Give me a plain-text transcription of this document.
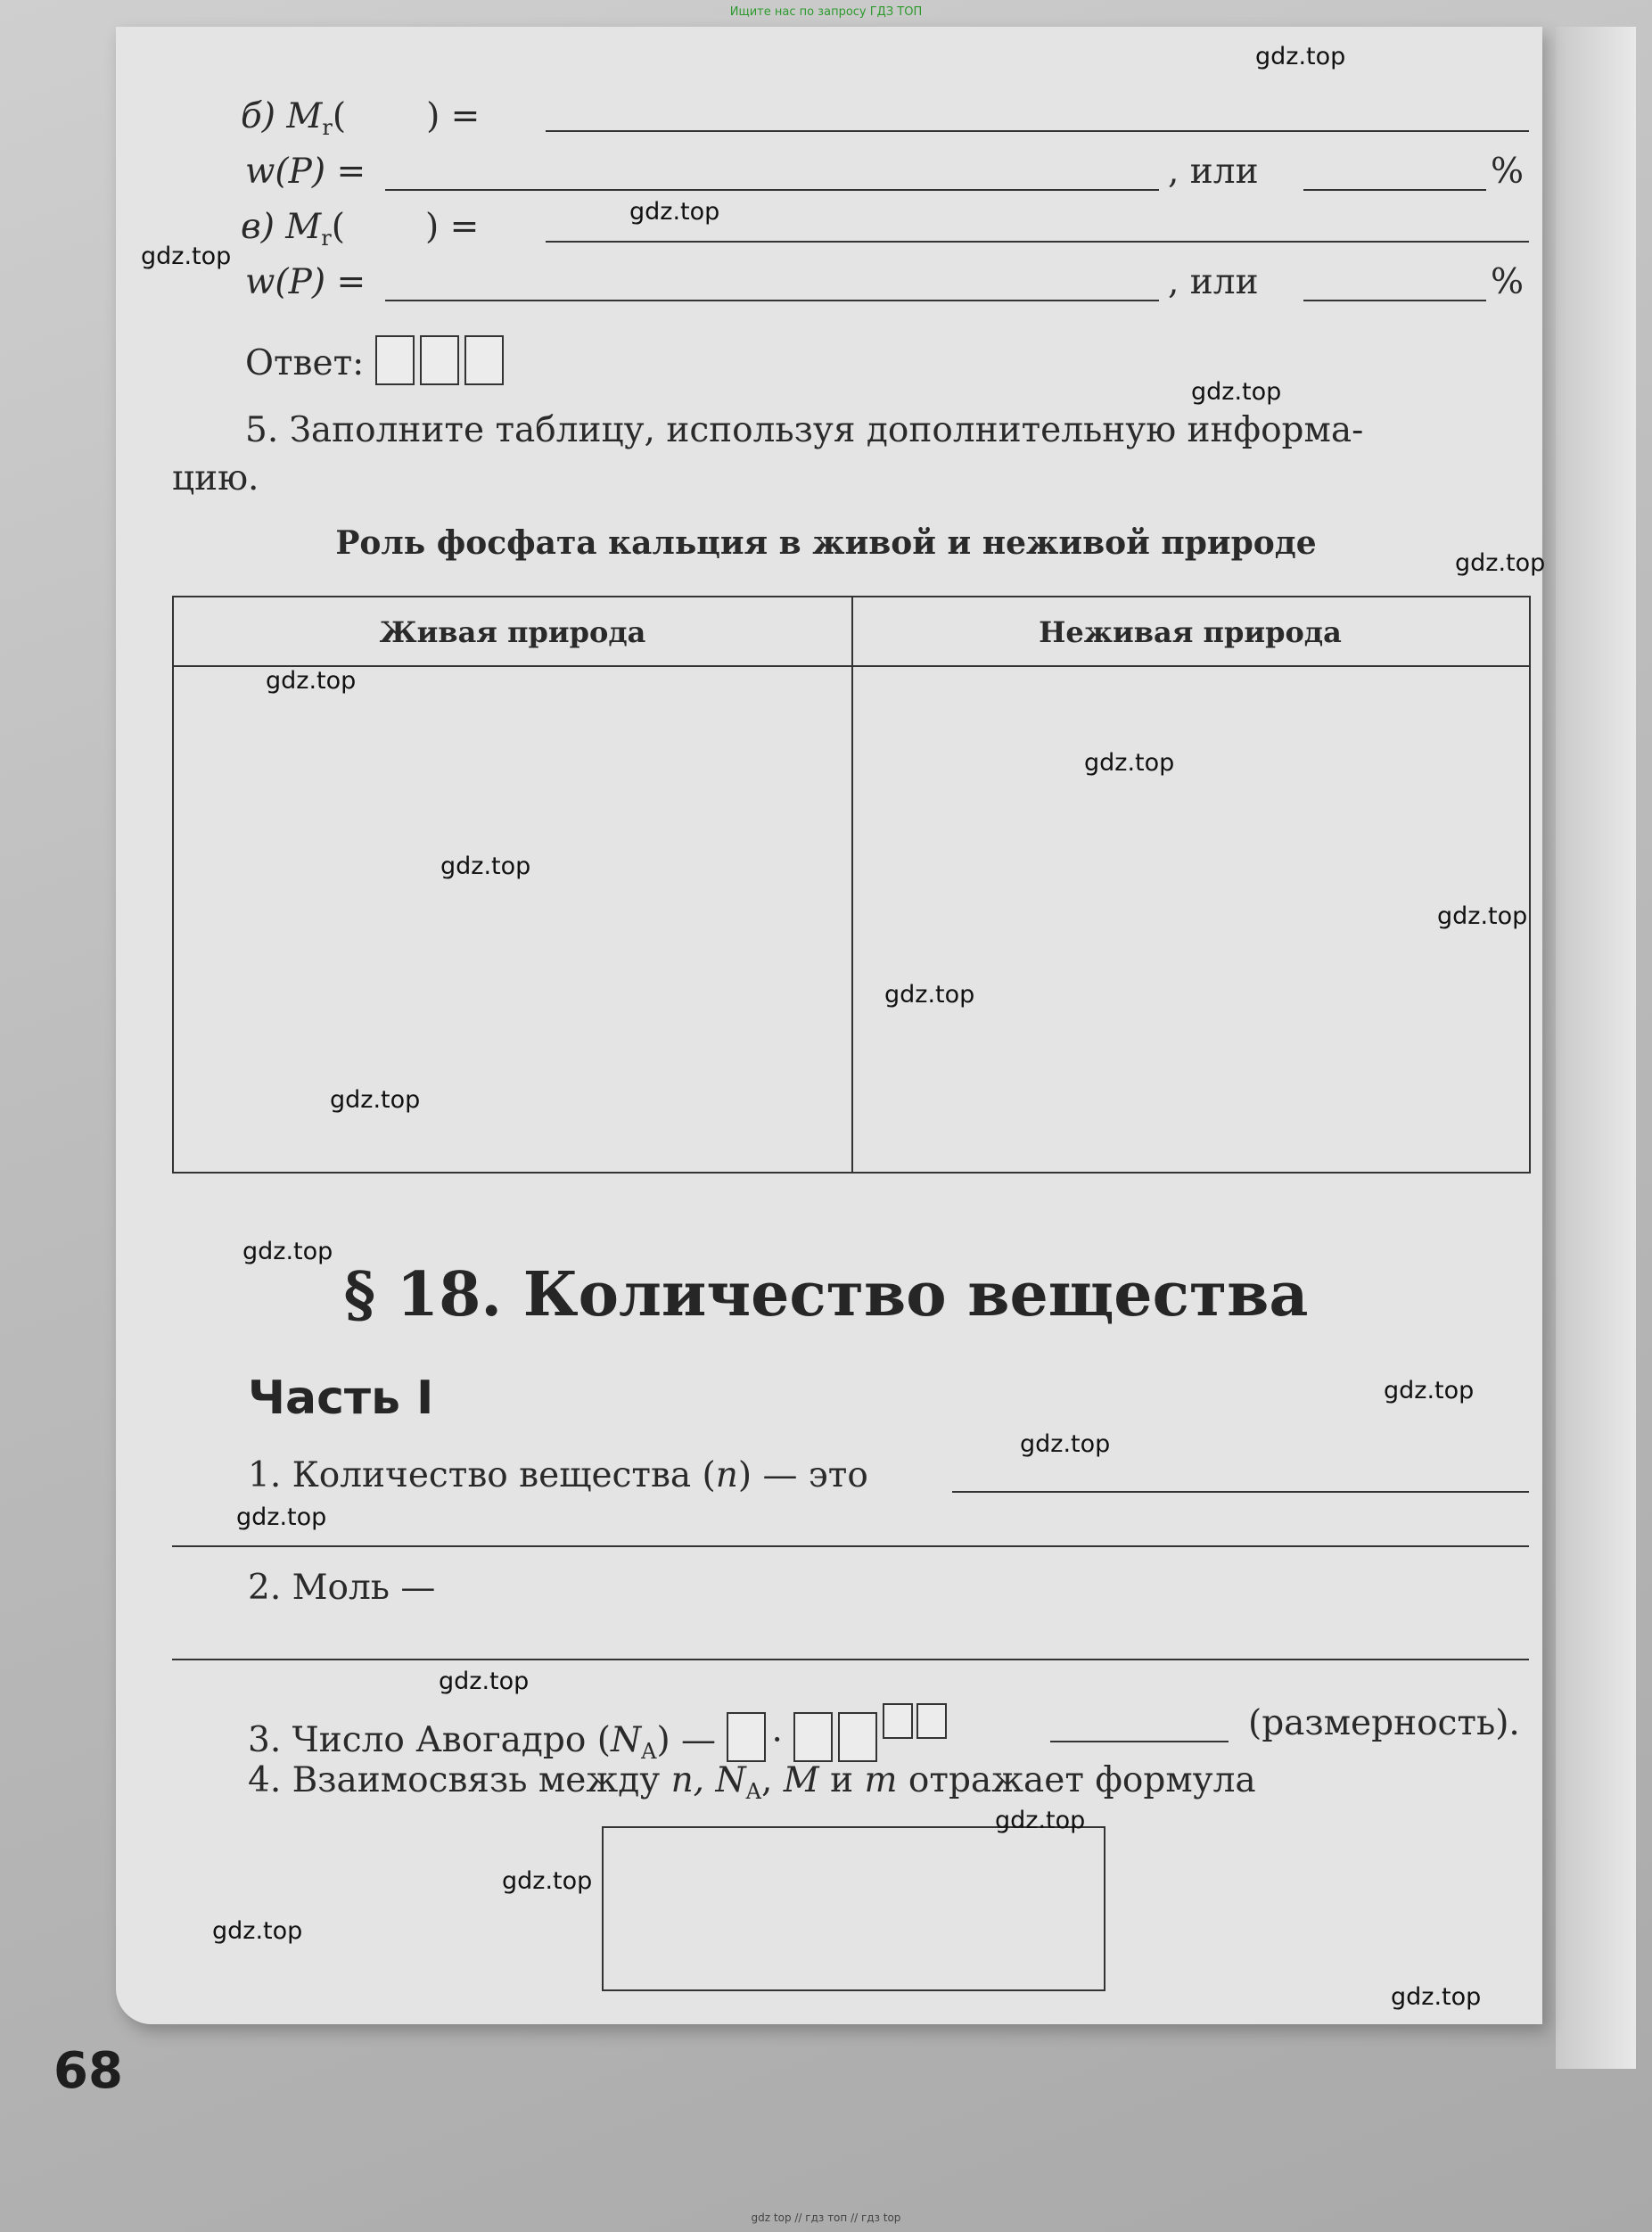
Ищите нас по запросу ГДЗ ТОП
б) $M_r$( ) =
w(P) =	, или	%
в) $M_r$( ) =
w(P) =	, или	%
Ответ:
5. Заполните таблицу, используя дополнительную информа-
цию.
Роль фосфата кальция в живой и неживой природе
Живая природа	Неживая природа
§ 18. Количество вещества
Часть I
1. Количество вещества (n) — это
2. Моль —
3. Число Авогадро $(N_A)$ — ·	(размерность).
4. Взаимосвязь между n, $N_A$, M и m отражает формула
68
gdz.top
gdz.top
gdz.top
gdz.top
gdz.top
gdz.top
gdz.top
gdz.top
gdz.top
gdz.top
gdz.top
gdz.top
gdz.top
gdz.top
gdz.top
gdz.top
gdz.top
gdz.top
gdz.top
gdz.top
gdz top // гдз топ // гдз top
